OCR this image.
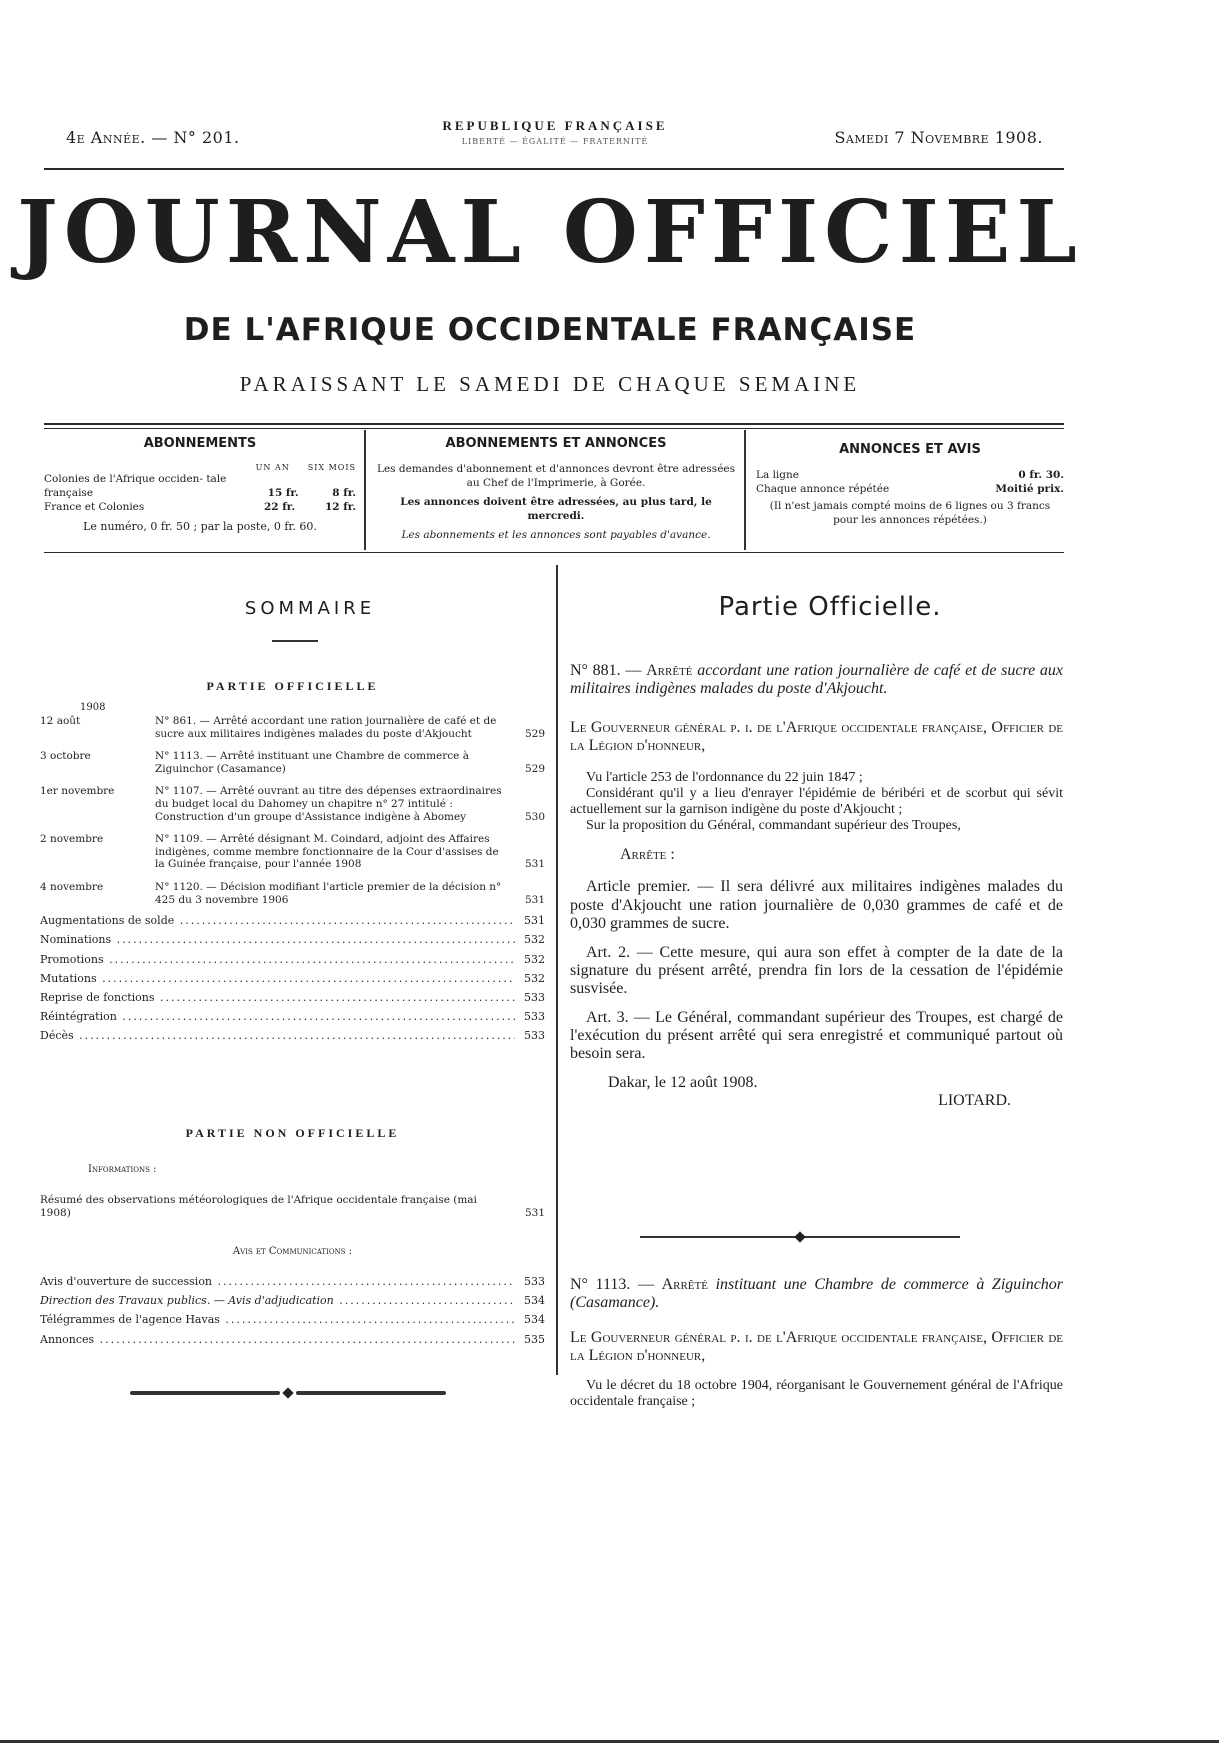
4e Année. — N° 201.
REPUBLIQUE FRANÇAISE
LIBERTÉ — ÉGALITÉ — FRATERNITÉ	Samedi 7 Novembre 1908.
JOURNAL OFFICIEL
DE L'AFRIQUE OCCIDENTALE FRANÇAISE
PARAISSANT LE SAMEDI DE CHAQUE SEMAINE
ABONNEMENTS
UN AN SIX MOIS
Colonies de l'Afrique occiden- tale française	15 fr.	8 fr.
France et Colonies	22 fr.	12 fr.
Le numéro, 0 fr. 50 ; par la poste, 0 fr. 60.
ABONNEMENTS ET ANNONCES
Les demandes d'abonnement et d'annonces devront être adressées au Chef de l'Imprimerie, à Gorée.
Les annonces doivent être adressées, au plus tard, le mercredi.
Les abonnements et les annonces sont payables d'avance.
ANNONCES ET AVIS
La ligne	0 fr. 30.
Chaque annonce répétée	Moitié prix.
(Il n'est jamais compté moins de 6 lignes ou 3 francs pour les annonces répétées.)
SOMMAIRE
PARTIE OFFICIELLE
1908
12 août	N° 861. — Arrêté accordant une ration journalière de café et de sucre aux militaires indigènes malades du poste d'Akjoucht	529
3 octobre	N° 1113. — Arrêté instituant une Chambre de commerce à Ziguinchor (Casamance)	529
1er novembre	N° 1107. — Arrêté ouvrant au titre des dépenses extraordinaires du budget local du Dahomey un chapitre n° 27 intitulé : Construction d'un groupe d'Assistance indigène à Abomey	530
2 novembre	N° 1109. — Arrêté désignant M. Coindard, adjoint des Affaires indigènes, comme membre fonctionnaire de la Cour d'assises de la Guinée française, pour l'année 1908	531
4 novembre	N° 1120. — Décision modifiant l'article premier de la décision n° 425 du 3 novembre 1906	531
Augmentations de solde .....	531
Nominations .....	532
Promotions .....	532
Mutations .....	532
Reprise de fonctions .....	533
Réintégration .....	533
Décès .....	533
PARTIE NON OFFICIELLE
Informations :
Résumé des observations météorologiques de l'Afrique occidentale française (mai 1908)	531
Avis et Communications :
Avis d'ouverture de succession .....	533
Direction des Travaux publics. — Avis d'adjudication .....	534
Télégrammes de l'agence Havas .....	534
Annonces .....	535
Partie Officielle.

N° 881. — Arrêté accordant une ration journalière de café et de sucre aux militaires indigènes malades du poste d'Akjoucht.

Le Gouverneur général p. i. de l'Afrique occidentale française, Officier de la Légion d'honneur,

Vu l'article 253 de l'ordonnance du 22 juin 1847 ;

Considérant qu'il y a lieu d'enrayer l'épidémie de béribéri et de scorbut qui sévit actuellement sur la garnison indigène du poste d'Akjoucht ;

Sur la proposition du Général, commandant supérieur des Troupes,

Arrête :

Article premier. — Il sera délivré aux militaires indigènes malades du poste d'Akjoucht une ration journalière de 0,030 grammes de café et de 0,030 grammes de sucre.

Art. 2. — Cette mesure, qui aura son effet à compter de la date de la signature du présent arrêté, prendra fin lors de la cessation de l'épidémie susvisée.

Art. 3. — Le Général, commandant supérieur des Troupes, est chargé de l'exécution du présent arrêté qui sera enregistré et communiqué partout où besoin sera.

Dakar, le 12 août 1908.

LIOTARD.

N° 1113. — Arrêté instituant une Chambre de commerce à Ziguinchor (Casamance).

Le Gouverneur général p. i. de l'Afrique occidentale française, Officier de la Légion d'honneur,

Vu le décret du 18 octobre 1904, réorganisant le Gouvernement général de l'Afrique occidentale française ;
